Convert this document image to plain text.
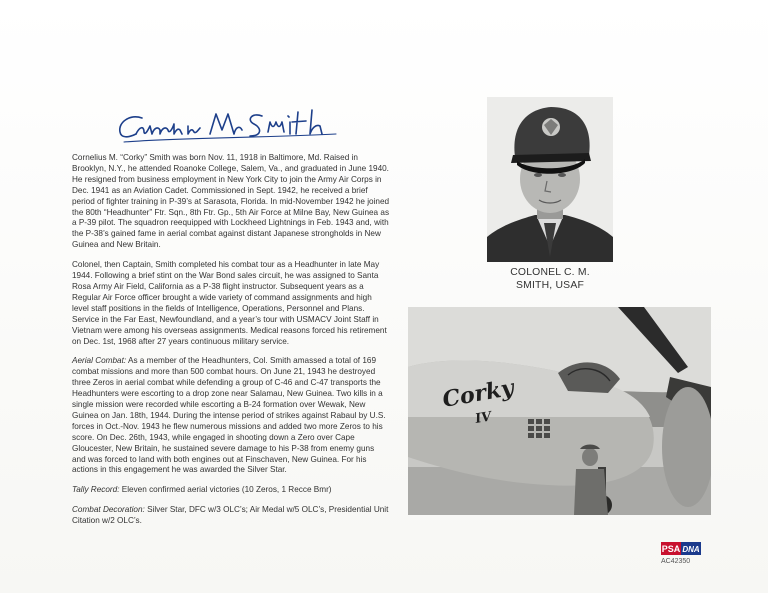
Cornelius M. “Corky” Smith was born Nov. 11, 1918 in Baltimore, Md. Raised in Brooklyn, N.Y., he attended Roanoke College, Salem, Va., and graduated in June 1940. He resigned from business employment in New York City to join the Army Air Corps in Dec. 1941 as an Aviation Cadet. Commissioned in Sept. 1942, he received a brief period of fighter training in P-39’s at Sarasota, Florida. In mid-November 1942 he joined the 80th “Headhunter” Ftr. Sqn., 8th Ftr. Gp., 5th Air Force at Milne Bay, New Guinea as a P-39 pilot. The squadron reequipped with Lockheed Lightnings in Feb. 1943 and, with the P-38’s gained fame in aerial combat against distant Japanese strongholds in New Guinea and New Britain.

Colonel, then Captain, Smith completed his combat tour as a Headhunter in late May 1944. Following a brief stint on the War Bond sales circuit, he was assigned to Santa Rosa Army Air Field, California as a P-38 flight instructor. Subsequent years as a Regular Air Force officer brought a wide variety of command assignments and high level staff positions in the fields of Intelligence, Operations, Personnel and Plans. Service in the Far East, Newfoundland, and a year’s tour with USMACV Joint Staff in Vietnam were among his overseas assignments. Medical reasons forced his retirement on Dec. 1st, 1968 after 27 years continuous military service.

Aerial Combat: As a member of the Headhunters, Col. Smith amassed a total of 169 combat missions and more than 500 combat hours. On June 21, 1943 he destroyed three Zeros in aerial combat while defending a group of C-46 and C-47 transports the Headhunters were escorting to a drop zone near Salamau, New Guinea. Two kills in a single mission were recorded while escorting a B-24 formation over Wewak, New Guinea on Jan. 18th, 1944. During the intense period of strikes against Rabaul by U.S. forces in Oct.-Nov. 1943 he flew numerous missions and added two more Zeros to his score. On Dec. 26th, 1943, while engaged in shooting down a Zero over Cape Gloucester, New Britain, he sustained severe damage to his P-38 from enemy guns and was forced to land with both engines out at Finschaven, New Guinea. For his actions in this engagement he was awarded the Silver Star.

Tally Record: Eleven confirmed aerial victories (10 Zeros, 1 Recce Bmr)

Combat Decoration: Silver Star, DFC w/3 OLC’s; Air Medal w/5 OLC’s, Presidential Unit Citation w/2 OLC’s.

COLONEL C. M.
SMITH, USAF
Corky
IV
PSA DNA
AC42350
